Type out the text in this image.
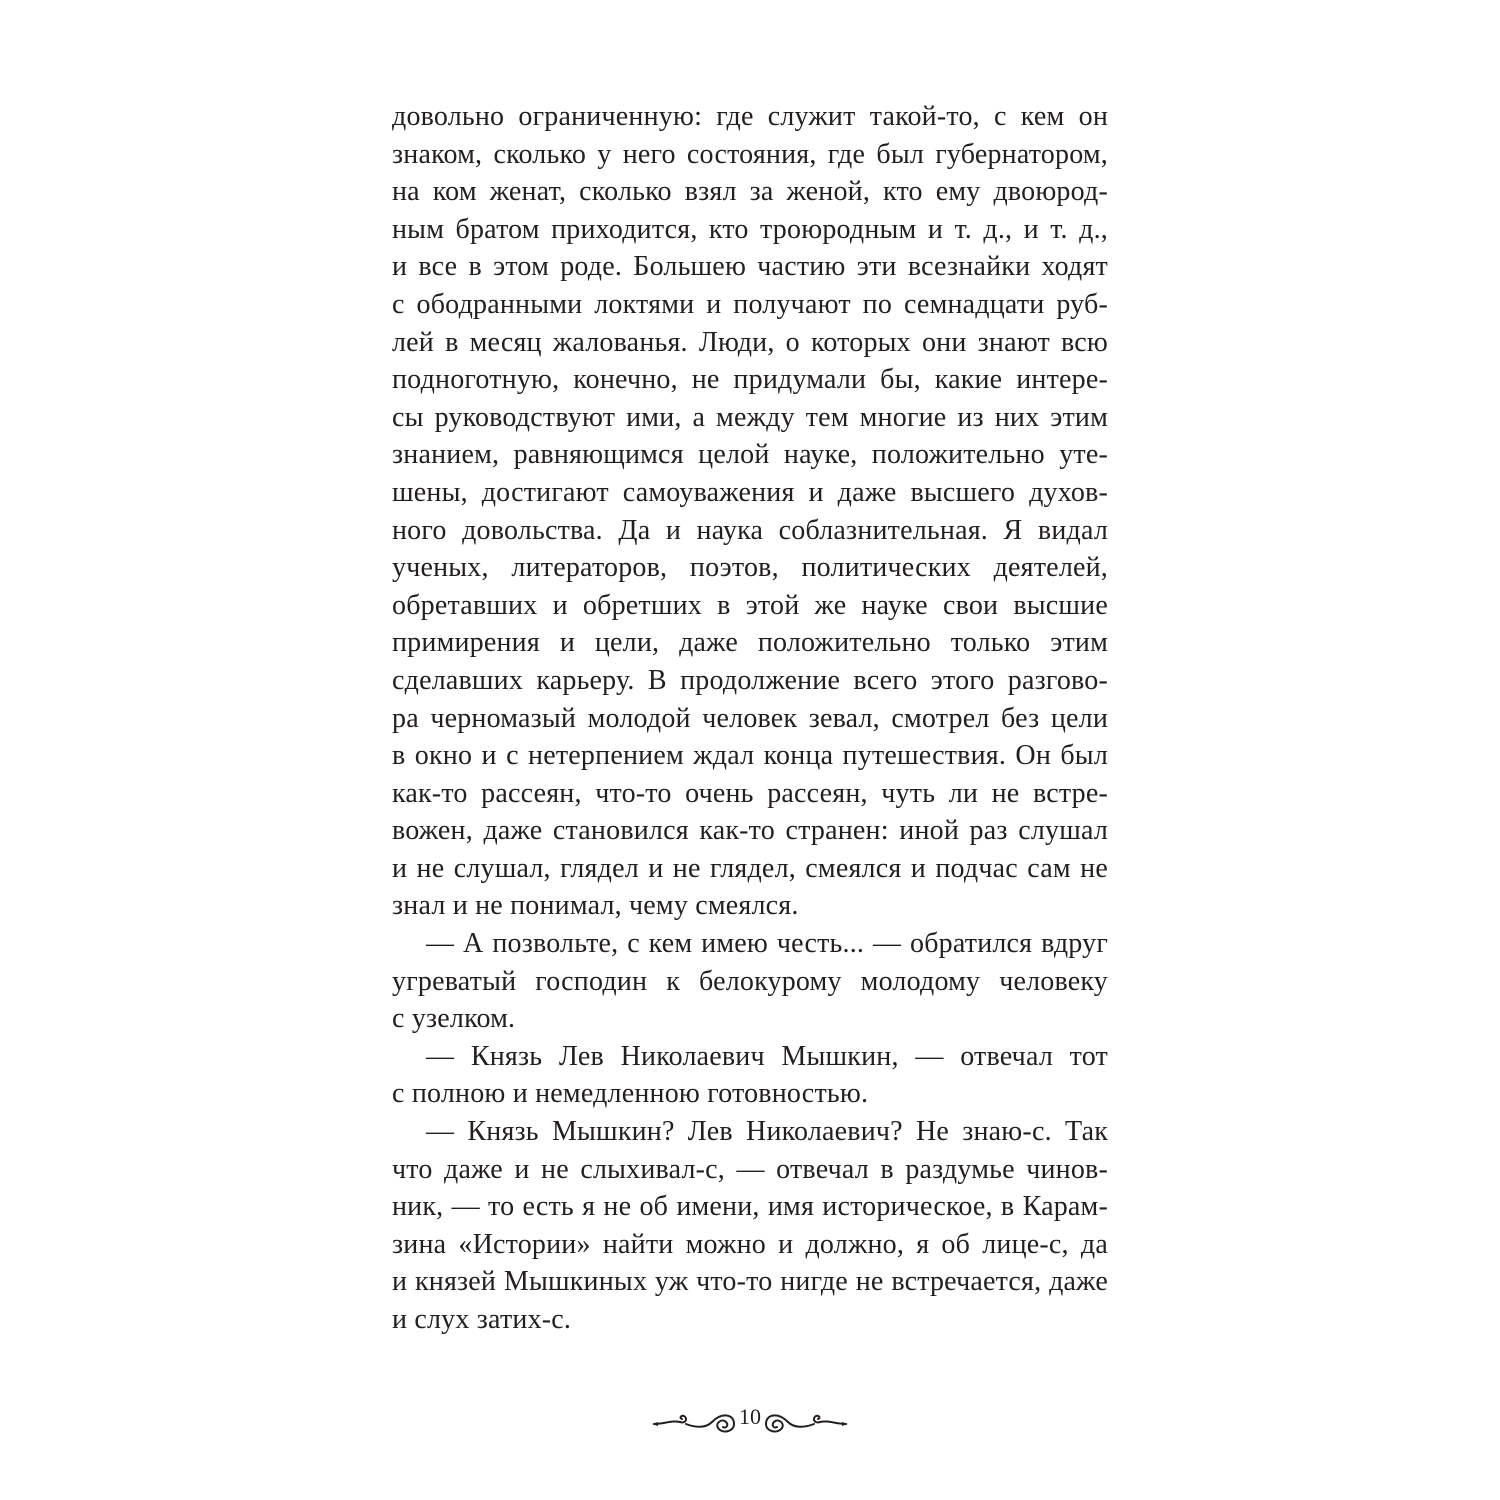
довольно ограниченную: где служит такой-то, с кем он
знаком, сколько у него состояния, где был губернатором,
на ком женат, сколько взял за женой, кто ему двоюрод-
ным братом приходится, кто троюродным и т. д., и т. д.,
и все в этом роде. Большею частию эти всезнайки ходят
с ободранными локтями и получают по семнадцати руб-
лей в месяц жалованья. Люди, о которых они знают всю
подноготную, конечно, не придумали бы, какие интере-
сы руководствуют ими, а между тем многие из них этим
знанием, равняющимся целой науке, положительно уте-
шены, достигают самоуважения и даже высшего духов-
ного довольства. Да и наука соблазнительная. Я видал
ученых, литераторов, поэтов, политических деятелей,
обретавших и обретших в этой же науке свои высшие
примирения и цели, даже положительно только этим
сделавших карьеру. В продолжение всего этого разгово-
ра черномазый молодой человек зевал, смотрел без цели
в окно и с нетерпением ждал конца путешествия. Он был
как-то рассеян, что-то очень рассеян, чуть ли не встре-
вожен, даже становился как-то странен: иной раз слушал
и не слушал, глядел и не глядел, смеялся и подчас сам не
знал и не понимал, чему смеялся.
— А позвольте, с кем имею честь... — обратился вдруг
угреватый господин к белокурому молодому человеку
с узелком.
— Князь Лев Николаевич Мышкин, — отвечал тот
с полною и немедленною готовностью.
— Князь Мышкин? Лев Николаевич? Не знаю-с. Так
что даже и не слыхивал-с, — отвечал в раздумье чинов-
ник, — то есть я не об имени, имя историческое, в Карам-
зина «Истории» найти можно и должно, я об лице-с, да
и князей Мышкиных уж что-то нигде не встречается, даже
и слух затих-с.
10
